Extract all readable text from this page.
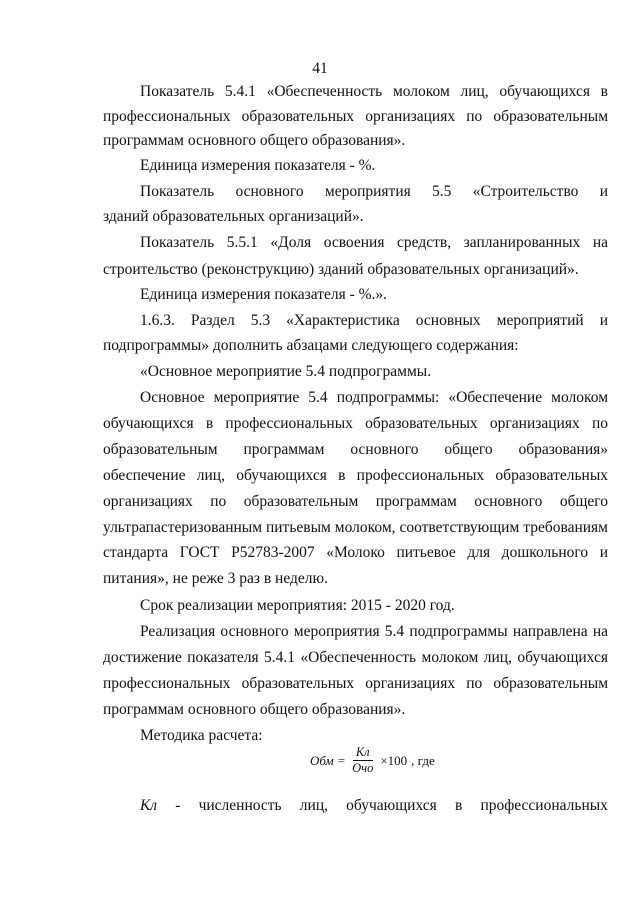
41
Показатель 5.4.1 «Обеспеченность молоком лиц, обучающихся в
профессиональных образовательных организациях по образовательным
программам основного общего образования».
Единица измерения показателя - %.
Показатель основного мероприятия 5.5 «Строительство и
зданий образовательных организаций».
Показатель 5.5.1 «Доля освоения средств, запланированных на
строительство (реконструкцию) зданий образовательных организаций».
Единица измерения показателя - %.».
1.6.3. Раздел 5.3 «Характеристика основных мероприятий и
подпрограммы» дополнить абзацами следующего содержания:
«Основное мероприятие 5.4 подпрограммы.
Основное мероприятие 5.4 подпрограммы: «Обеспечение молоком
обучающихся в профессиональных образовательных организациях по
образовательным программам основного общего образования»
обеспечение лиц, обучающихся в профессиональных образовательных
организациях по образовательным программам основного общего
ультрапастеризованным питьевым молоком, соответствующим требованиям
стандарта ГОСТ Р52783-2007 «Молоко питьевое для дошкольного и
питания», не реже 3 раз в неделю.
Срок реализации мероприятия: 2015 - 2020 год.
Реализация основного мероприятия 5.4 подпрограммы направлена на
достижение показателя 5.4.1 «Обеспеченность молоком лиц, обучающихся
профессиональных образовательных организациях по образовательным
программам основного общего образования».
Методика расчета:
Обм = $\frac{Кл}{\text{Очо}} \times 100$ , где
Кл - численность лиц, обучающихся в профессиональных
